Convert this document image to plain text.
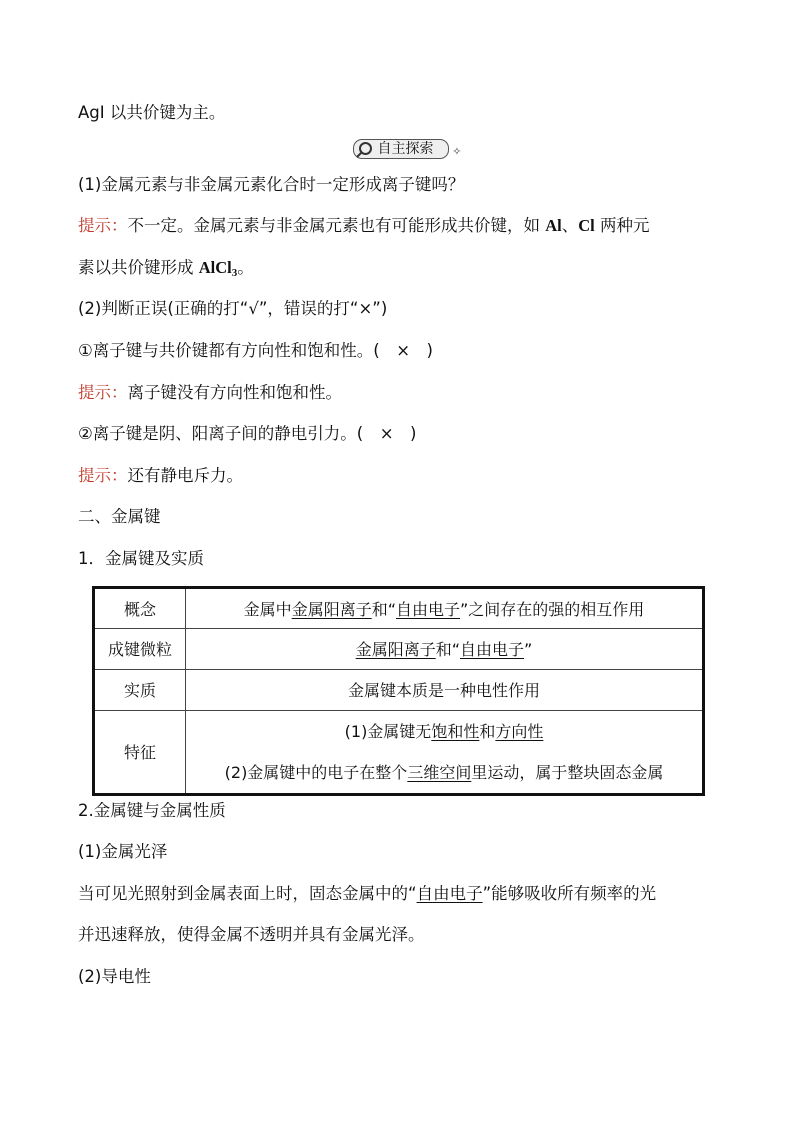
AgI 以共价键为主。
自主探索 ✧
(1)金属元素与非金属元素化合时一定形成离子键吗？
提示：不一定。金属元素与非金属元素也有可能形成共价键，如 Al、Cl 两种元
素以共价键形成 AlCl$_3$。
(2)判断正误(正确的打“√”，错误的打“×”)
①离子键与共价键都有方向性和饱和性。(　×　)
提示：离子键没有方向性和饱和性。
②离子键是阴、阳离子间的静电引力。(　×　)
提示：还有静电斥力。
二、金属键
1．金属键及实质
概念	金属中金属阳离子和“自由电子”之间存在的强的相互作用
成键微粒	金属阳离子和“自由电子”
实质	金属键本质是一种电性作用
特征	(1)金属键无饱和性和方向性
(2)金属键中的电子在整个三维空间里运动，属于整块固态金属
2.金属键与金属性质
(1)金属光泽
当可见光照射到金属表面上时，固态金属中的“自由电子”能够吸收所有频率的光
并迅速释放，使得金属不透明并具有金属光泽。
(2)导电性
